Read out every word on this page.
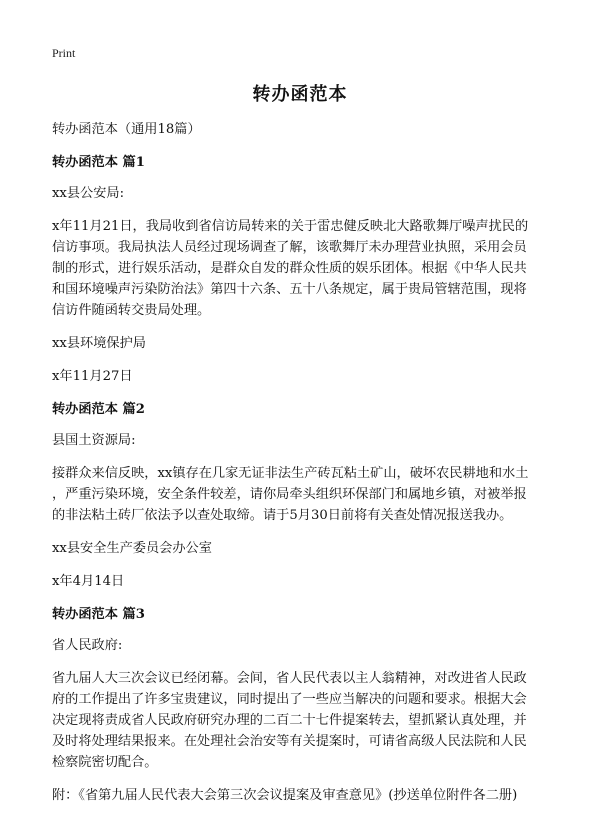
Print
转办函范本

转办函范本（通用18篇）

转办函范本 篇1

xx县公安局:

x年11月21日，我局收到省信访局转来的关于雷忠健反映北大路歌舞厅噪声扰民的
信访事项。我局执法人员经过现场调查了解，该歌舞厅未办理营业执照，采用会员
制的形式，进行娱乐活动，是群众自发的群众性质的娱乐团体。根据《中华人民共
和国环境噪声污染防治法》第四十六条、五十八条规定，属于贵局管辖范围，现将
信访件随函转交贵局处理。

xx县环境保护局

x年11月27日

转办函范本 篇2

县国土资源局:

接群众来信反映，xx镇存在几家无证非法生产砖瓦粘土矿山，破坏农民耕地和水土
，严重污染环境，安全条件较差，请你局牵头组织环保部门和属地乡镇，对被举报
的非法粘土砖厂依法予以查处取缔。请于5月30日前将有关查处情况报送我办。

xx县安全生产委员会办公室

x年4月14日

转办函范本 篇3

省人民政府:

省九届人大三次会议已经闭幕。会间，省人民代表以主人翁精神，对改进省人民政
府的工作提出了许多宝贵建议，同时提出了一些应当解决的问题和要求。根据大会
决定现将责成省人民政府研究办理的二百二十七件提案转去，望抓紧认真处理，并
及时将处理结果报来。在处理社会治安等有关提案时，可请省高级人民法院和人民
检察院密切配合。

附：《省第九届人民代表大会第三次会议提案及审查意见》(抄送单位附件各二册)
